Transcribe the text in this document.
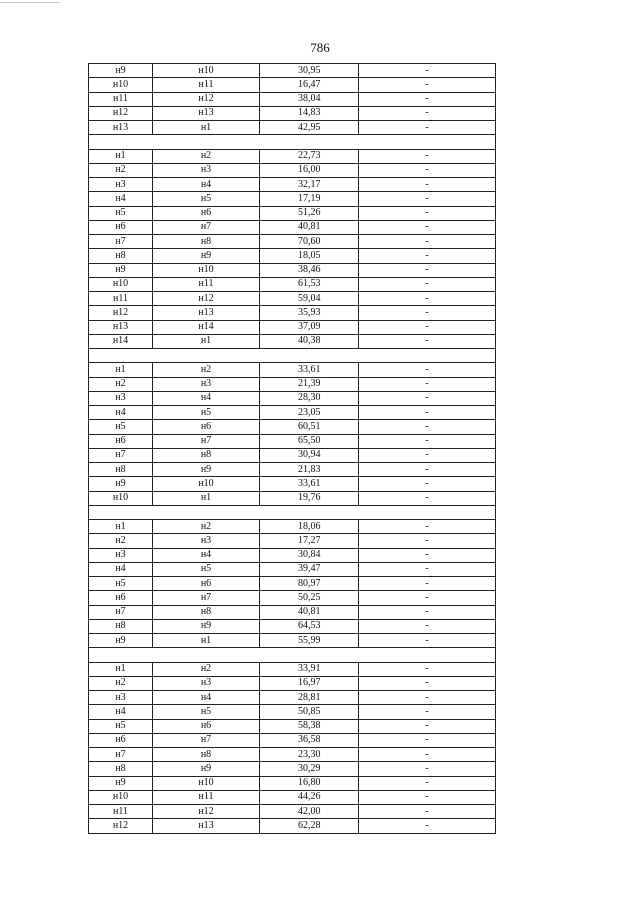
786
н9	н10	30,95	-
н10	н11	16,47	-
н11	н12	38,04	-
н12	н13	14,83	-
н13	н1	42,95	-

н1	н2	22,73	-
н2	н3	16,00	-
н3	н4	32,17	-
н4	н5	17,19	-
н5	н6	51,26	-
н6	н7	40,81	-
н7	н8	70,60	-
н8	н9	18,05	-
н9	н10	38,46	-
н10	н11	61,53	-
н11	н12	59,04	-
н12	н13	35,93	-
н13	н14	37,09	-
н14	н1	40,38	-

н1	н2	33,61	-
н2	н3	21,39	-
н3	н4	28,30	-
н4	н5	23,05	-
н5	н6	60,51	-
н6	н7	65,50	-
н7	н8	30,94	-
н8	н9	21,83	-
н9	н10	33,61	-
н10	н1	19,76	-

н1	н2	18,06	-
н2	н3	17,27	-
н3	н4	30,84	-
н4	н5	39,47	-
н5	н6	80,97	-
н6	н7	50,25	-
н7	н8	40,81	-
н8	н9	64,53	-
н9	н1	55,99	-

н1	н2	33,91	-
н2	н3	16,97	-
н3	н4	28,81	-
н4	н5	50,85	-
н5	н6	58,38	-
н6	н7	36,58	-
н7	н8	23,30	-
н8	н9	30,29	-
н9	н10	16,80	-
н10	н11	44,26	-
н11	н12	42,00	-
н12	н13	62,28	-
